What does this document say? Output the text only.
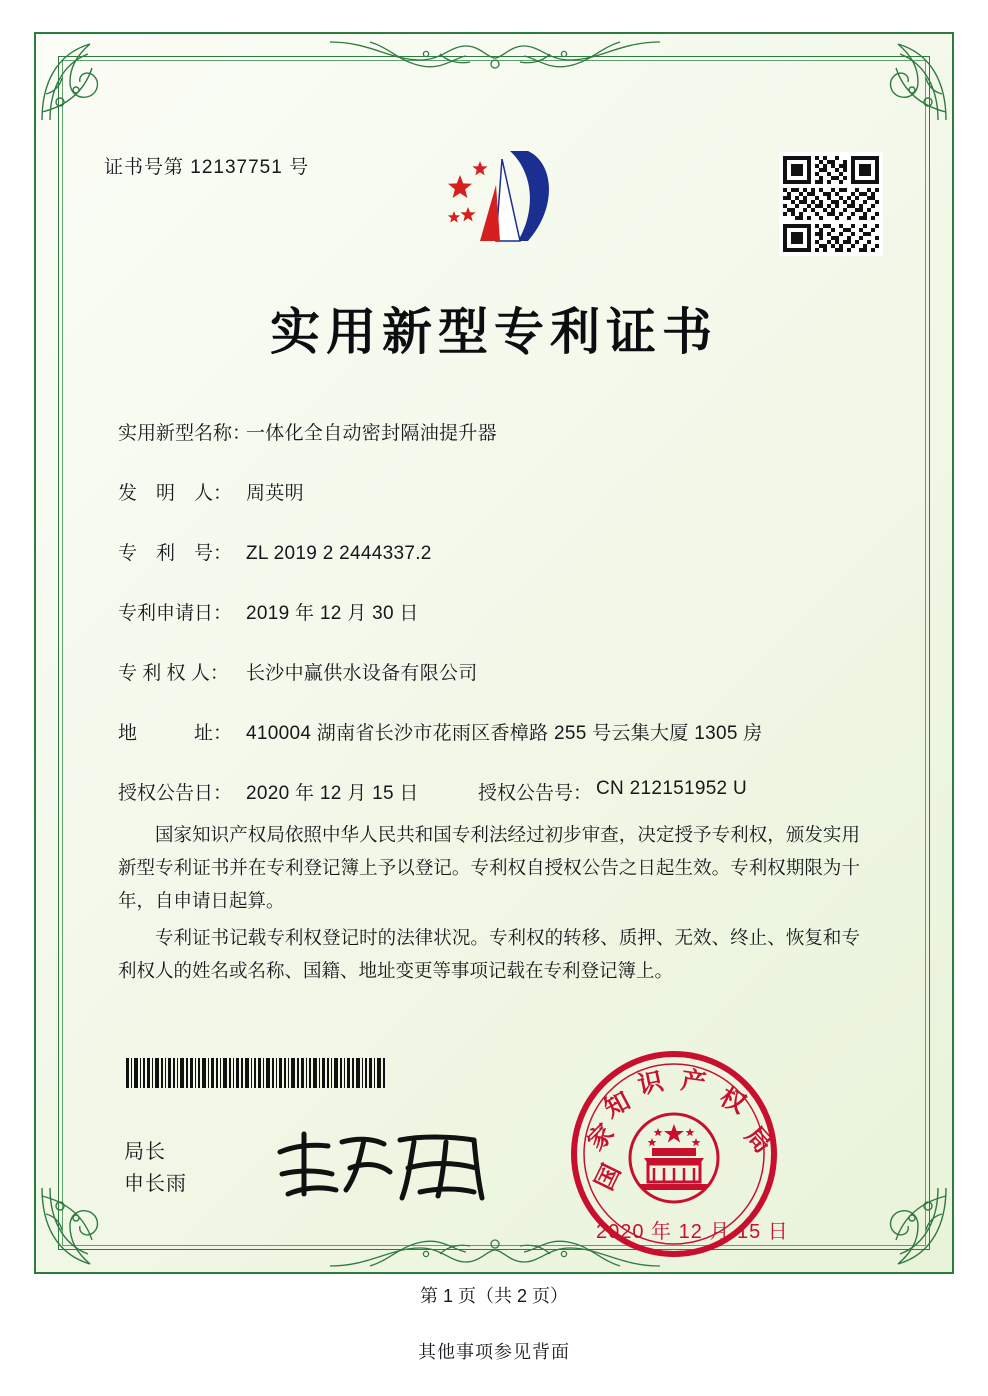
证书号第 12137751 号
实用新型专利证书
实用新型名称：
一体化全自动密封隔油提升器
发　明　人： 周英明
专　利　号： ZL 2019 2 2444337.2
专利申请日： 2019 年 12 月 30 日
专 利 权 人： 长沙中赢供水设备有限公司
地　　　址： 410004 湖南省长沙市花雨区香樟路 255 号云集大厦 1305 房
授权公告日： 2020 年 12 月 15 日	授权公告号： CN 212151952 U

国家知识产权局依照中华人民共和国专利法经过初步审查，决定授予专利权，颁发实用新型专利证书并在专利登记簿上予以登记。专利权自授权公告之日起生效。专利权期限为十年，自申请日起算。

专利证书记载专利权登记时的法律状况。专利权的转移、质押、无效、终止、恢复和专利权人的姓名或名称、国籍、地址变更等事项记载在专利登记簿上。

局长
申长雨	国
家
知
识 产
权
局
2020 年 12 月 15 日
第 1 页（共 2 页）
其他事项参见背面
